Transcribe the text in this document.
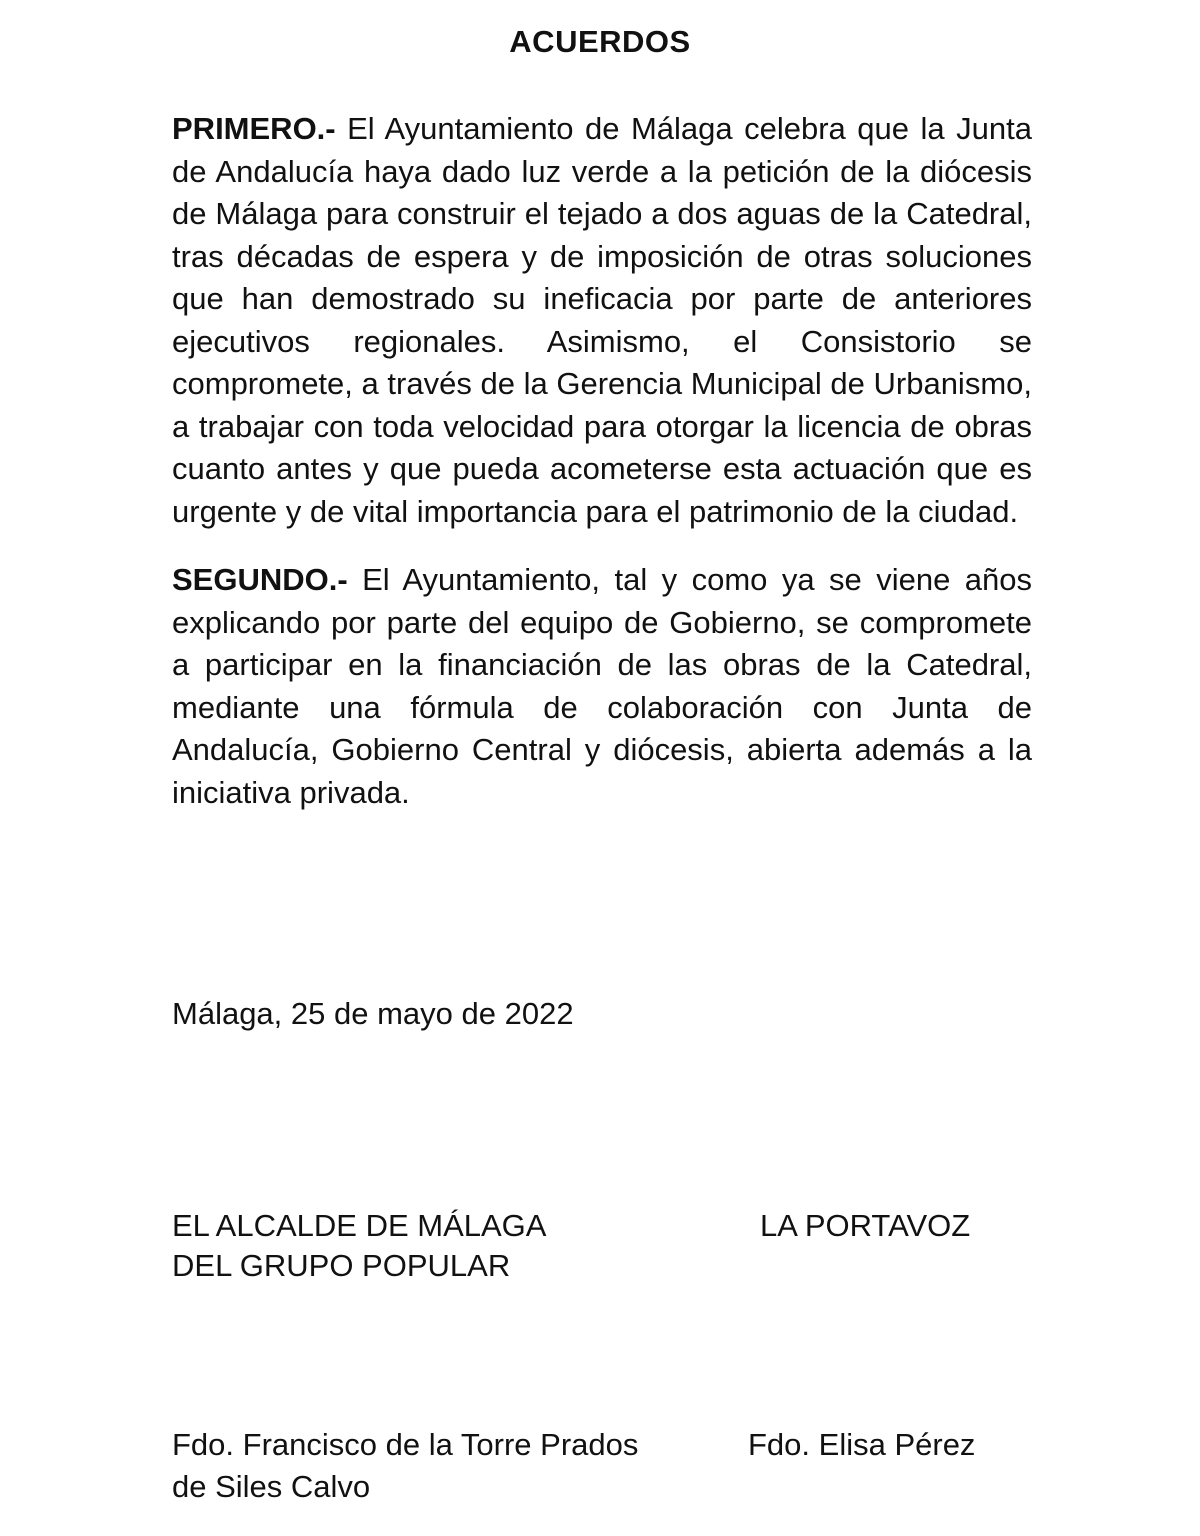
ACUERDOS

PRIMERO.- El Ayuntamiento de Málaga celebra que la Junta de Andalucía haya dado luz verde a la petición de la diócesis de Málaga para construir el tejado a dos aguas de la Catedral, tras décadas de espera y de imposición de otras soluciones que han demostrado su ineficacia por parte de anteriores ejecutivos regionales. Asimismo, el Consistorio se compromete, a través de la Gerencia Municipal de Urbanismo, a trabajar con toda velocidad para otorgar la licencia de obras cuanto antes y que pueda acometerse esta actuación que es urgente y de vital importancia para el patrimonio de la ciudad.

SEGUNDO.- El Ayuntamiento, tal y como ya se viene años explicando por parte del equipo de Gobierno, se compromete a participar en la financiación de las obras de la Catedral, mediante una fórmula de colaboración con Junta de Andalucía, Gobierno Central y diócesis, abierta además a la iniciativa privada.

Málaga, 25 de mayo de 2022
EL ALCALDE DE MÁLAGA
DEL GRUPO POPULAR
LA PORTAVOZ
Fdo. Francisco de la Torre Prados	Fdo. Elisa Pérez
de Siles Calvo
